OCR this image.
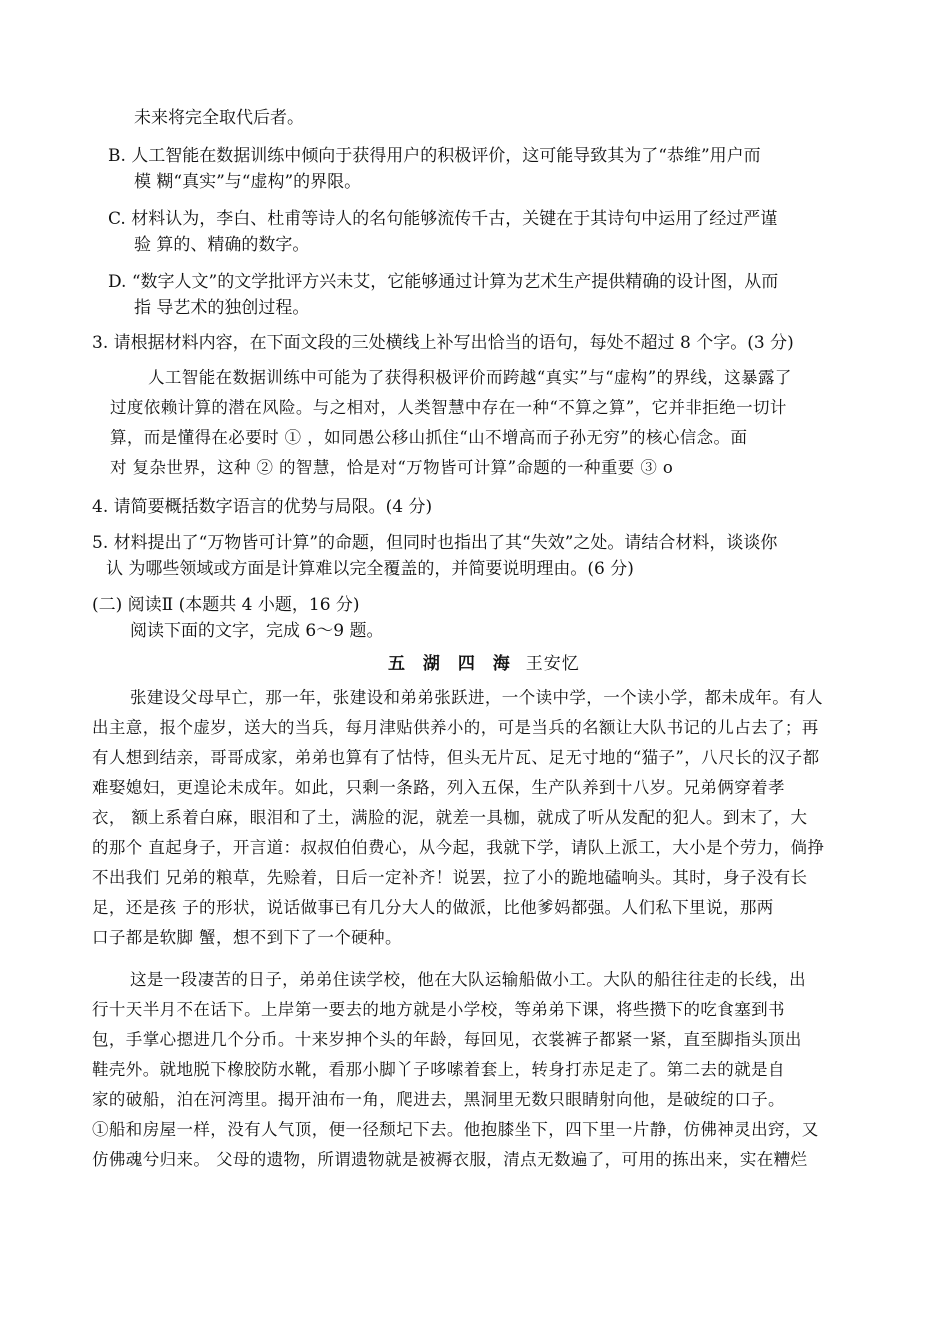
未来将完全取代后者。
B. 人工智能在数据训练中倾向于获得用户的积极评价，这可能导致其为了“恭维”用户而
模 糊“真实”与“虚构”的界限。
C. 材料认为，李白、杜甫等诗人的名句能够流传千古，关键在于其诗句中运用了经过严谨
验 算的、精确的数字。
D. “数字人文”的文学批评方兴未艾，它能够通过计算为艺术生产提供精确的设计图，从而
指 导艺术的独创过程。
3. 请根据材料内容，在下面文段的三处横线上补写出恰当的语句，每处不超过 8 个字。(3 分)
人工智能在数据训练中可能为了获得积极评价而跨越“真实”与“虚构”的界线，这暴露了
过度依赖计算的潜在风险。与之相对，人类智慧中存在一种“不算之算”，它并非拒绝一切计
算，而是懂得在必要时 ① ，如同愚公移山抓住“山不增高而子孙无穷”的核心信念。面
对 复杂世界，这种 ② 的智慧，恰是对“万物皆可计算”命题的一种重要 ③ o
4. 请简要概括数字语言的优势与局限。(4 分)
5. 材料提出了“万物皆可计算”的命题，但同时也指出了其“失效”之处。请结合材料，谈谈你
认 为哪些领域或方面是计算难以完全覆盖的，并简要说明理由。(6 分)
(二) 阅读Ⅱ (本题共 4 小题，16 分)
阅读下面的文字，完成 6～9 题。
五 湖 四 海 王安忆
张建设父母早亡，那一年，张建设和弟弟张跃进，一个读中学，一个读小学，都未成年。有人
出主意，报个虚岁，送大的当兵，每月津贴供养小的，可是当兵的名额让大队书记的儿占去了；再
有人想到结亲，哥哥成家，弟弟也算有了怙恃，但头无片瓦、足无寸地的“猫子”，八尺长的汉子都
难娶媳妇，更遑论未成年。如此，只剩一条路，列入五保，生产队养到十八岁。兄弟俩穿着孝
衣， 额上系着白麻，眼泪和了土，满脸的泥，就差一具枷，就成了听从发配的犯人。到末了，大
的那个 直起身子，开言道：叔叔伯伯费心，从今起，我就下学，请队上派工，大小是个劳力，倘挣
不出我们 兄弟的粮草，先赊着，日后一定补齐！说罢，拉了小的跪地磕响头。其时，身子没有长
足，还是孩 子的形状，说话做事已有几分大人的做派，比他爹妈都强。人们私下里说，那两
口子都是软脚 蟹，想不到下了一个硬种。
这是一段凄苦的日子，弟弟住读学校，他在大队运输船做小工。大队的船往往走的长线，出
行十天半月不在话下。上岸第一要去的地方就是小学校，等弟弟下课，将些攒下的吃食塞到书
包，手掌心摁进几个分币。十来岁抻个头的年龄，每回见，衣裳裤子都紧一紧，直至脚指头顶出
鞋壳外。就地脱下橡胶防水靴，看那小脚丫子哆嗦着套上，转身打赤足走了。第二去的就是自
家的破船，泊在河湾里。揭开油布一角，爬进去，黑洞里无数只眼睛射向他，是破绽的口子。
①船和房屋一样，没有人气顶，便一径颓圮下去。他抱膝坐下，四下里一片静，仿佛神灵出窍，又
仿佛魂兮归来。 父母的遗物，所谓遗物就是被褥衣服，清点无数遍了，可用的拣出来，实在糟烂
